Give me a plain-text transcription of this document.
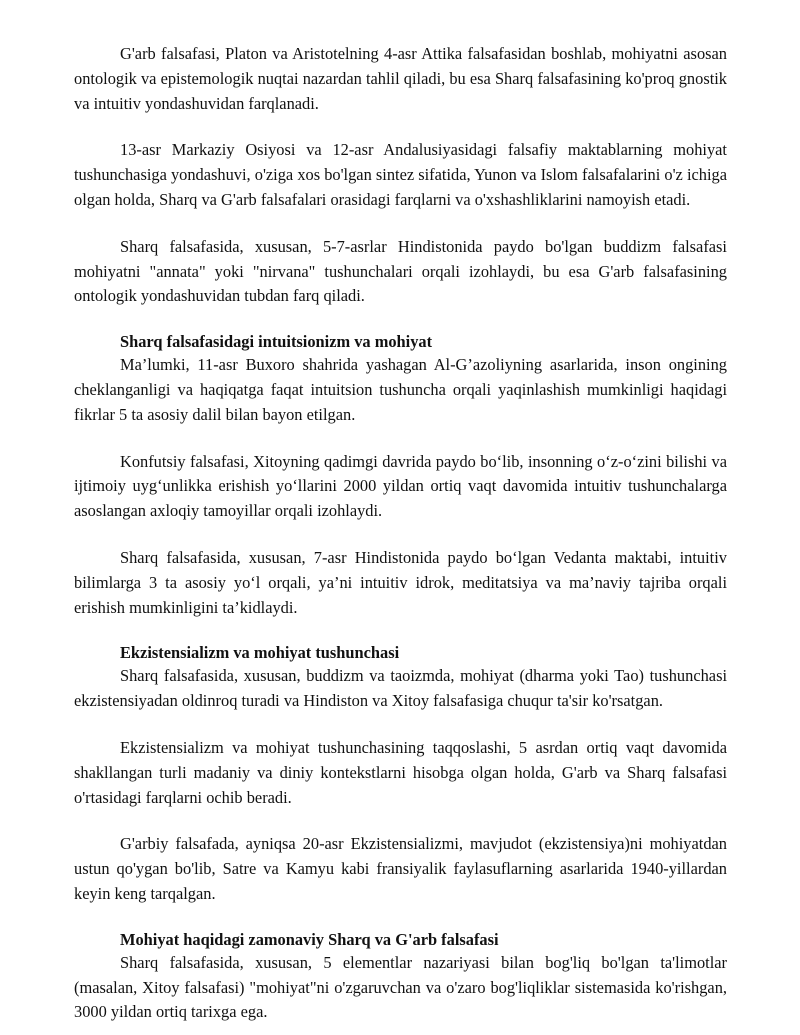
G'arb falsafasi, Platon va Aristotelning 4-asr Attika falsafasidan boshlab, mohiyatni asosan ontologik va epistemologik nuqtai nazardan tahlil qiladi, bu esa Sharq falsafasining ko'proq gnostik va intuitiv yondashuvidan farqlanadi.

13-asr Markaziy Osiyosi va 12-asr Andalusiyasidagi falsafiy maktablarning mohiyat tushunchasiga yondashuvi, o'ziga xos bo'lgan sintez sifatida, Yunon va Islom falsafalarini o'z ichiga olgan holda, Sharq va G'arb falsafalari orasidagi farqlarni va o'xshashliklarini namoyish etadi.

Sharq falsafasida, xususan, 5-7-asrlar Hindistonida paydo bo'lgan buddizm falsafasi mohiyatni "annata" yoki "nirvana" tushunchalari orqali izohlaydi, bu esa G'arb falsafasining ontologik yondashuvidan tubdan farq qiladi.

Sharq falsafasidagi intuitsionizm va mohiyat

Ma’lumki, 11-asr Buxoro shahrida yashagan Al-G’azoliyning asarlarida, inson ongining cheklanganligi va haqiqatga faqat intuitsion tushuncha orqali yaqinlashish mumkinligi haqidagi fikrlar 5 ta asosiy dalil bilan bayon etilgan.

Konfutsiy falsafasi, Xitoyning qadimgi davrida paydo bo‘lib, insonning o‘z-o‘zini bilishi va ijtimoiy uyg‘unlikka erishish yo‘llarini 2000 yildan ortiq vaqt davomida intuitiv tushunchalarga asoslangan axloqiy tamoyillar orqali izohlaydi.

Sharq falsafasida, xususan, 7-asr Hindistonida paydo bo‘lgan Vedanta maktabi, intuitiv bilimlarga 3 ta asosiy yo‘l orqali, ya’ni intuitiv idrok, meditatsiya va ma’naviy tajriba orqali erishish mumkinligini ta’kidlaydi.

Ekzistensializm va mohiyat tushunchasi

Sharq falsafasida, xususan, buddizm va taoizmda, mohiyat (dharma yoki Tao) tushunchasi ekzistensiyadan oldinroq turadi va Hindiston va Xitoy falsafasiga chuqur ta'sir ko'rsatgan.

Ekzistensializm va mohiyat tushunchasining taqqoslashi, 5 asrdan ortiq vaqt davomida shakllangan turli madaniy va diniy kontekstlarni hisobga olgan holda, G'arb va Sharq falsafasi o'rtasidagi farqlarni ochib beradi.

G'arbiy falsafada, ayniqsa 20-asr Ekzistensializmi, mavjudot (ekzistensiya)ni mohiyatdan ustun qo'ygan bo'lib, Satre va Kamyu kabi fransiyalik faylasuflarning asarlarida 1940-yillardan keyin keng tarqalgan.

Mohiyat haqidagi zamonaviy Sharq va G'arb falsafasi

Sharq falsafasida, xususan, 5 elementlar nazariyasi bilan bog'liq bo'lgan ta'limotlar (masalan, Xitoy falsafasi) "mohiyat"ni o'zgaruvchan va o'zaro bog'liqliklar sistemasida ko'rishgan, 3000 yildan ortiq tarixga ega.
